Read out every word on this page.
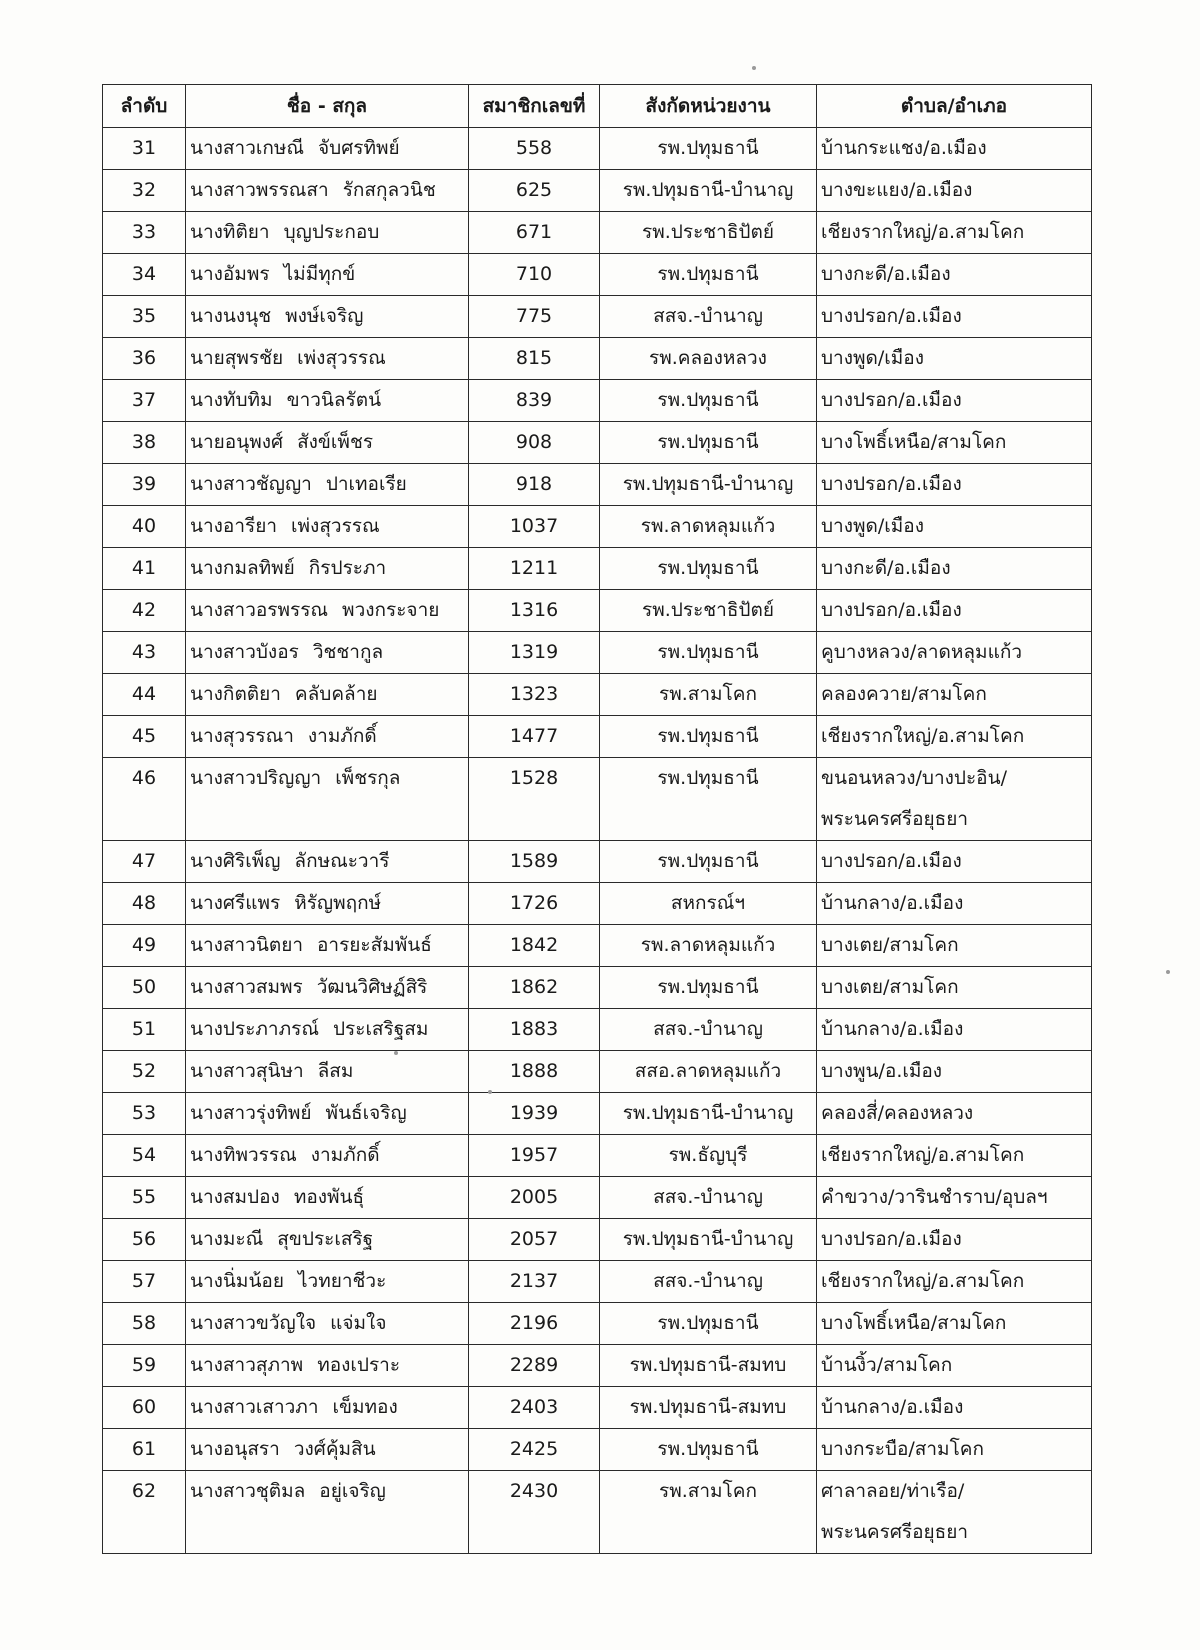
ลำดับ	ชื่อ - สกุล	สมาชิกเลขที่	สังกัดหน่วยงาน	ตำบล/อำเภอ
31	นางสาวเกษณี จับศรทิพย์	558	รพ.ปทุมธานี	บ้านกระแชง/อ.เมือง

32	นางสาวพรรณสา รักสกุลวนิช	625	รพ.ปทุมธานี-บำนาญ	บางขะแยง/อ.เมือง

33	นางทิติยา บุญประกอบ	671	รพ.ประชาธิปัตย์	เชียงรากใหญ่/อ.สามโคก

34	นางอัมพร ไม่มีทุกข์	710	รพ.ปทุมธานี	บางกะดี/อ.เมือง

35	นางนงนุช พงษ์เจริญ	775	สสจ.-บำนาญ	บางปรอก/อ.เมือง

36	นายสุพรชัย เพ่งสุวรรณ	815	รพ.คลองหลวง	บางพูด/เมือง

37	นางทับทิม ขาวนิลรัตน์	839	รพ.ปทุมธานี	บางปรอก/อ.เมือง

38	นายอนุพงศ์ สังข์เพ็ชร	908	รพ.ปทุมธานี	บางโพธิ์เหนือ/สามโคก

39	นางสาวชัญญา ปาเทอเรีย	918	รพ.ปทุมธานี-บำนาญ	บางปรอก/อ.เมือง

40	นางอารียา เพ่งสุวรรณ	1037	รพ.ลาดหลุมแก้ว	บางพูด/เมือง

41	นางกมลทิพย์ กิรประภา	1211	รพ.ปทุมธานี	บางกะดี/อ.เมือง

42	นางสาวอรพรรณ พวงกระจาย	1316	รพ.ประชาธิปัตย์	บางปรอก/อ.เมือง

43	นางสาวบังอร วิชชากูล	1319	รพ.ปทุมธานี	คูบางหลวง/ลาดหลุมแก้ว

44	นางกิตติยา คลับคล้าย	1323	รพ.สามโคก	คลองควาย/สามโคก

45	นางสุวรรณา งามภักดิ์	1477	รพ.ปทุมธานี	เชียงรากใหญ่/อ.สามโคก

46	นางสาวปริญญา เพ็ชรกุล	1528	รพ.ปทุมธานี	ขนอนหลวง/บางปะอิน/
พระนครศรีอยุธยา

47	นางศิริเพ็ญ ลักษณะวารี	1589	รพ.ปทุมธานี	บางปรอก/อ.เมือง

48	นางศรีแพร หิรัญพฤกษ์	1726	สหกรณ์ฯ	บ้านกลาง/อ.เมือง

49	นางสาวนิตยา อารยะสัมพันธ์	1842	รพ.ลาดหลุมแก้ว	บางเตย/สามโคก

50	นางสาวสมพร วัฒนวิศิษฏ์สิริ	1862	รพ.ปทุมธานี	บางเตย/สามโคก

51	นางประภาภรณ์ ประเสริฐสม	1883	สสจ.-บำนาญ	บ้านกลาง/อ.เมือง

52	นางสาวสุนิษา ลีสม	1888	สสอ.ลาดหลุมแก้ว	บางพูน/อ.เมือง

53	นางสาวรุ่งทิพย์ พันธ์เจริญ	1939	รพ.ปทุมธานี-บำนาญ	คลองสี่/คลองหลวง

54	นางทิพวรรณ งามภักดิ์	1957	รพ.ธัญบุรี	เชียงรากใหญ่/อ.สามโคก

55	นางสมปอง ทองพันธุ์	2005	สสจ.-บำนาญ	คำขวาง/วารินชำราบ/อุบลฯ

56	นางมะณี สุขประเสริฐ	2057	รพ.ปทุมธานี-บำนาญ	บางปรอก/อ.เมือง

57	นางนิ่มน้อย ไวทยาชีวะ	2137	สสจ.-บำนาญ	เชียงรากใหญ่/อ.สามโคก

58	นางสาวขวัญใจ แจ่มใจ	2196	รพ.ปทุมธานี	บางโพธิ์เหนือ/สามโคก

59	นางสาวสุภาพ ทองเปราะ	2289	รพ.ปทุมธานี-สมทบ	บ้านงิ้ว/สามโคก

60	นางสาวเสาวภา เข็มทอง	2403	รพ.ปทุมธานี-สมทบ	บ้านกลาง/อ.เมือง

61	นางอนุสรา วงศ์คุ้มสิน	2425	รพ.ปทุมธานี	บางกระบือ/สามโคก

62	นางสาวชุติมล อยู่เจริญ	2430	รพ.สามโคก	ศาลาลอย/ท่าเรือ/
พระนครศรีอยุธยา
